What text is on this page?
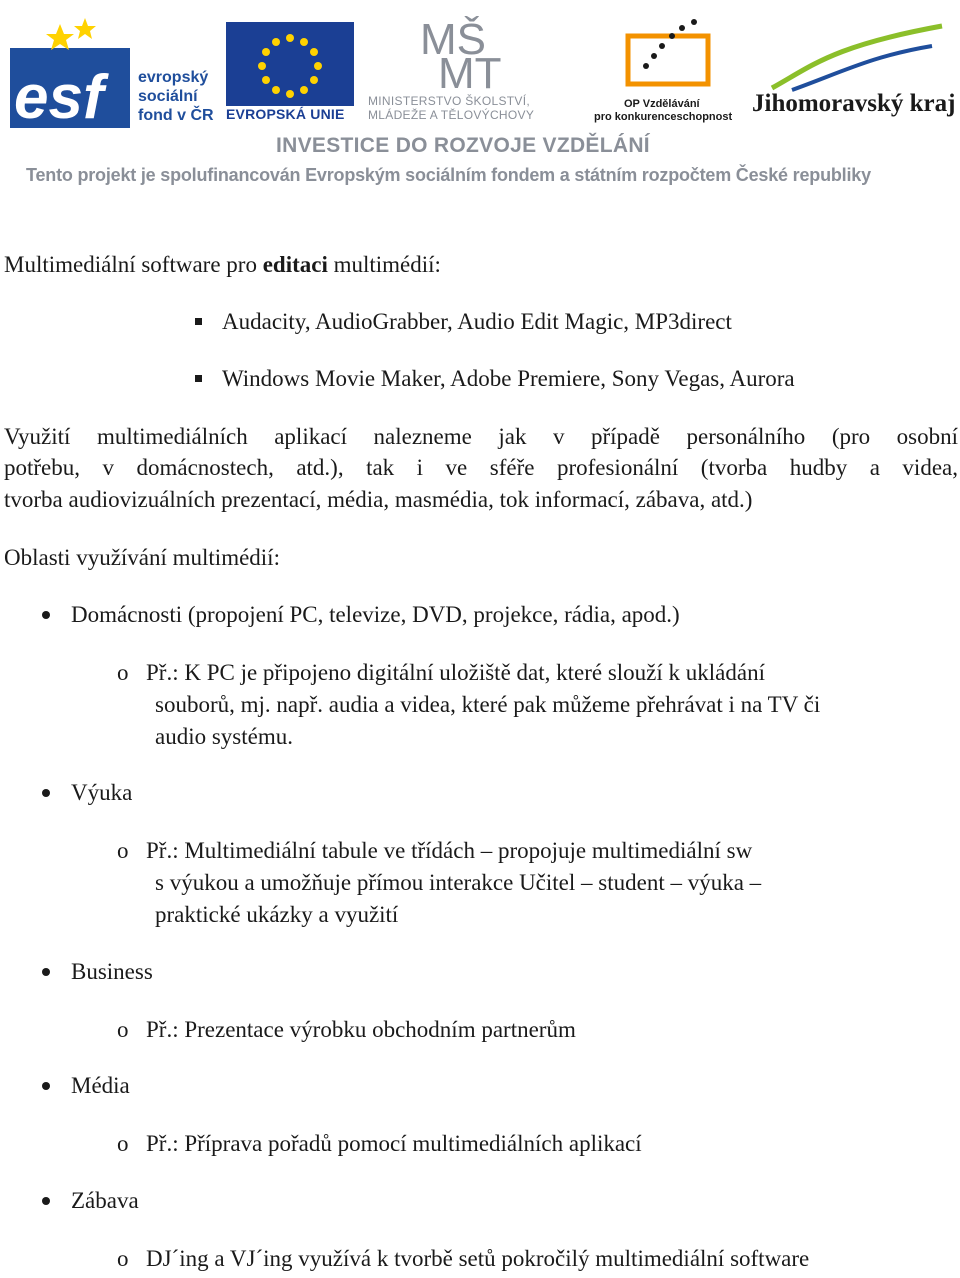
esf	evropský
sociální
fond v ČR EVROPSKÁ UNIE
MŠ
MT
MINISTERSTVO ŠKOLSTVÍ,
MLÁDEŽE A TĚLOVÝCHOVY
OP Vzdělávání
pro konkurenceschopnost Jihomoravský kraj
INVESTICE DO ROZVOJE VZDĚLÁNÍ
Tento projekt je spolufinancován Evropským sociálním fondem a státním rozpočtem České republiky
Multimediální software pro editaci multimédií:
Audacity, AudioGrabber, Audio Edit Magic, MP3direct
Windows Movie Maker, Adobe Premiere, Sony Vegas, Aurora
Využití multimediálních aplikací nalezneme jak v případě personálního (pro osobní
potřebu, v domácnostech, atd.), tak i ve sféře profesionální (tvorba hudby a videa,
tvorba audiovizuálních prezentací, média, masmédia, tok informací, zábava, atd.)
Oblasti využívání multimédií:
Domácnosti (propojení PC, televize, DVD, projekce, rádia, apod.)
o Př.: K PC je připojeno digitální uložiště dat, které slouží k ukládání
souborů, mj. např. audia a videa, které pak můžeme přehrávat i na TV či
audio systému.
Výuka
o Př.: Multimediální tabule ve třídách – propojuje multimediální sw
s výukou a umožňuje přímou interakce Učitel – student – výuka –
praktické ukázky a využití
Business
o Př.: Prezentace výrobku obchodním partnerům
Média
o Př.: Příprava pořadů pomocí multimediálních aplikací
Zábava
o DJ´ing a VJ´ing využívá k tvorbě setů pokročilý multimediální software
